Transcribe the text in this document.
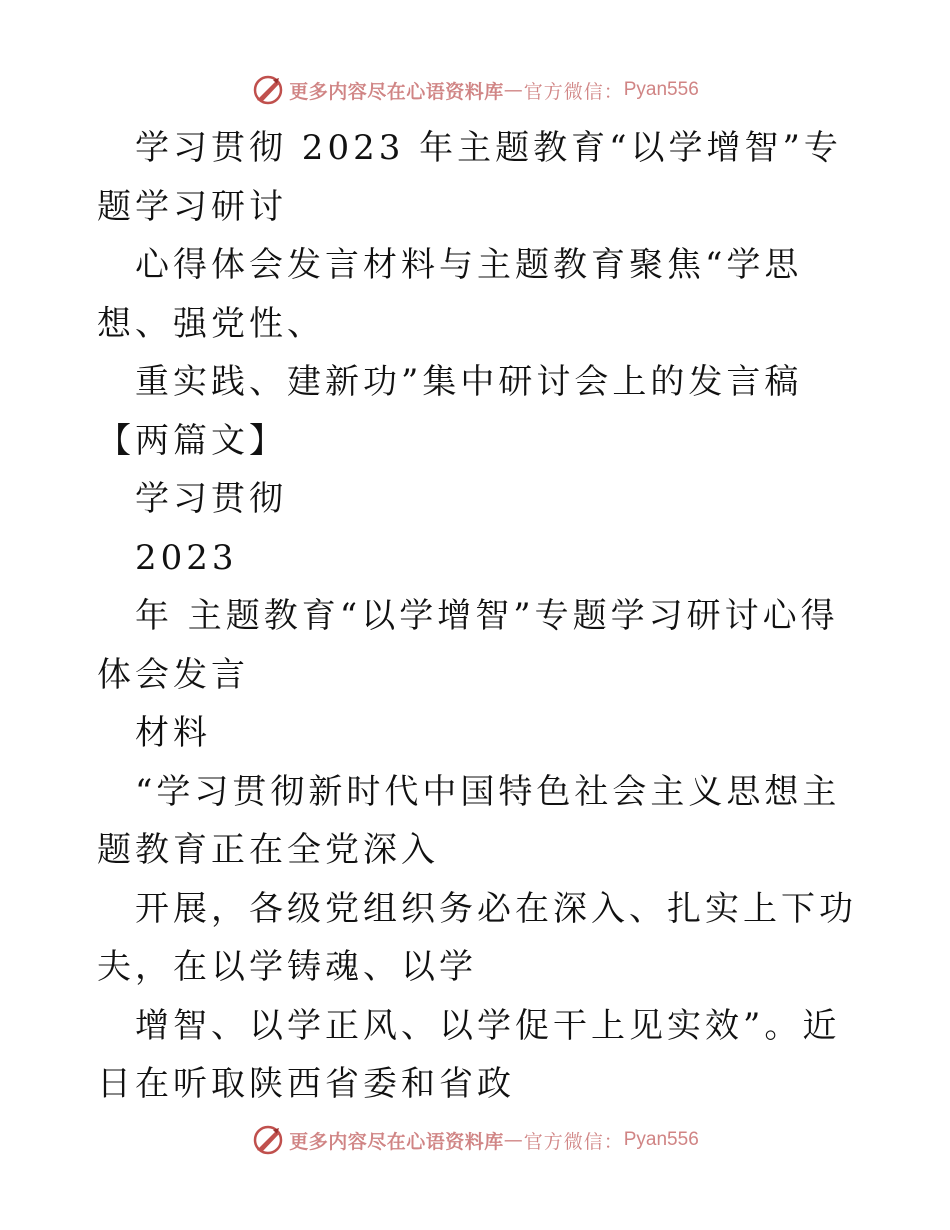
更多内容尽在心语资料库 — 官方微信： Pyan556

学习贯彻 2023 年主题教育“以学增智”专题学习研讨

心得体会发言材料与主题教育聚焦“学思想、强党性、

重实践、建新功”集中研讨会上的发言稿【两篇文】

学习贯彻

2023

年 主题教育“以学增智”专题学习研讨心得体会发言

材料

“学习贯彻新时代中国特色社会主义思想主题教育正在全党深入

开展，各级党组织务必在深入、扎实上下功夫，在以学铸魂、以学

增智、以学正风、以学促干上见实效”。近日在听取陕西省委和省政

更多内容尽在心语资料库 — 官方微信： Pyan556
